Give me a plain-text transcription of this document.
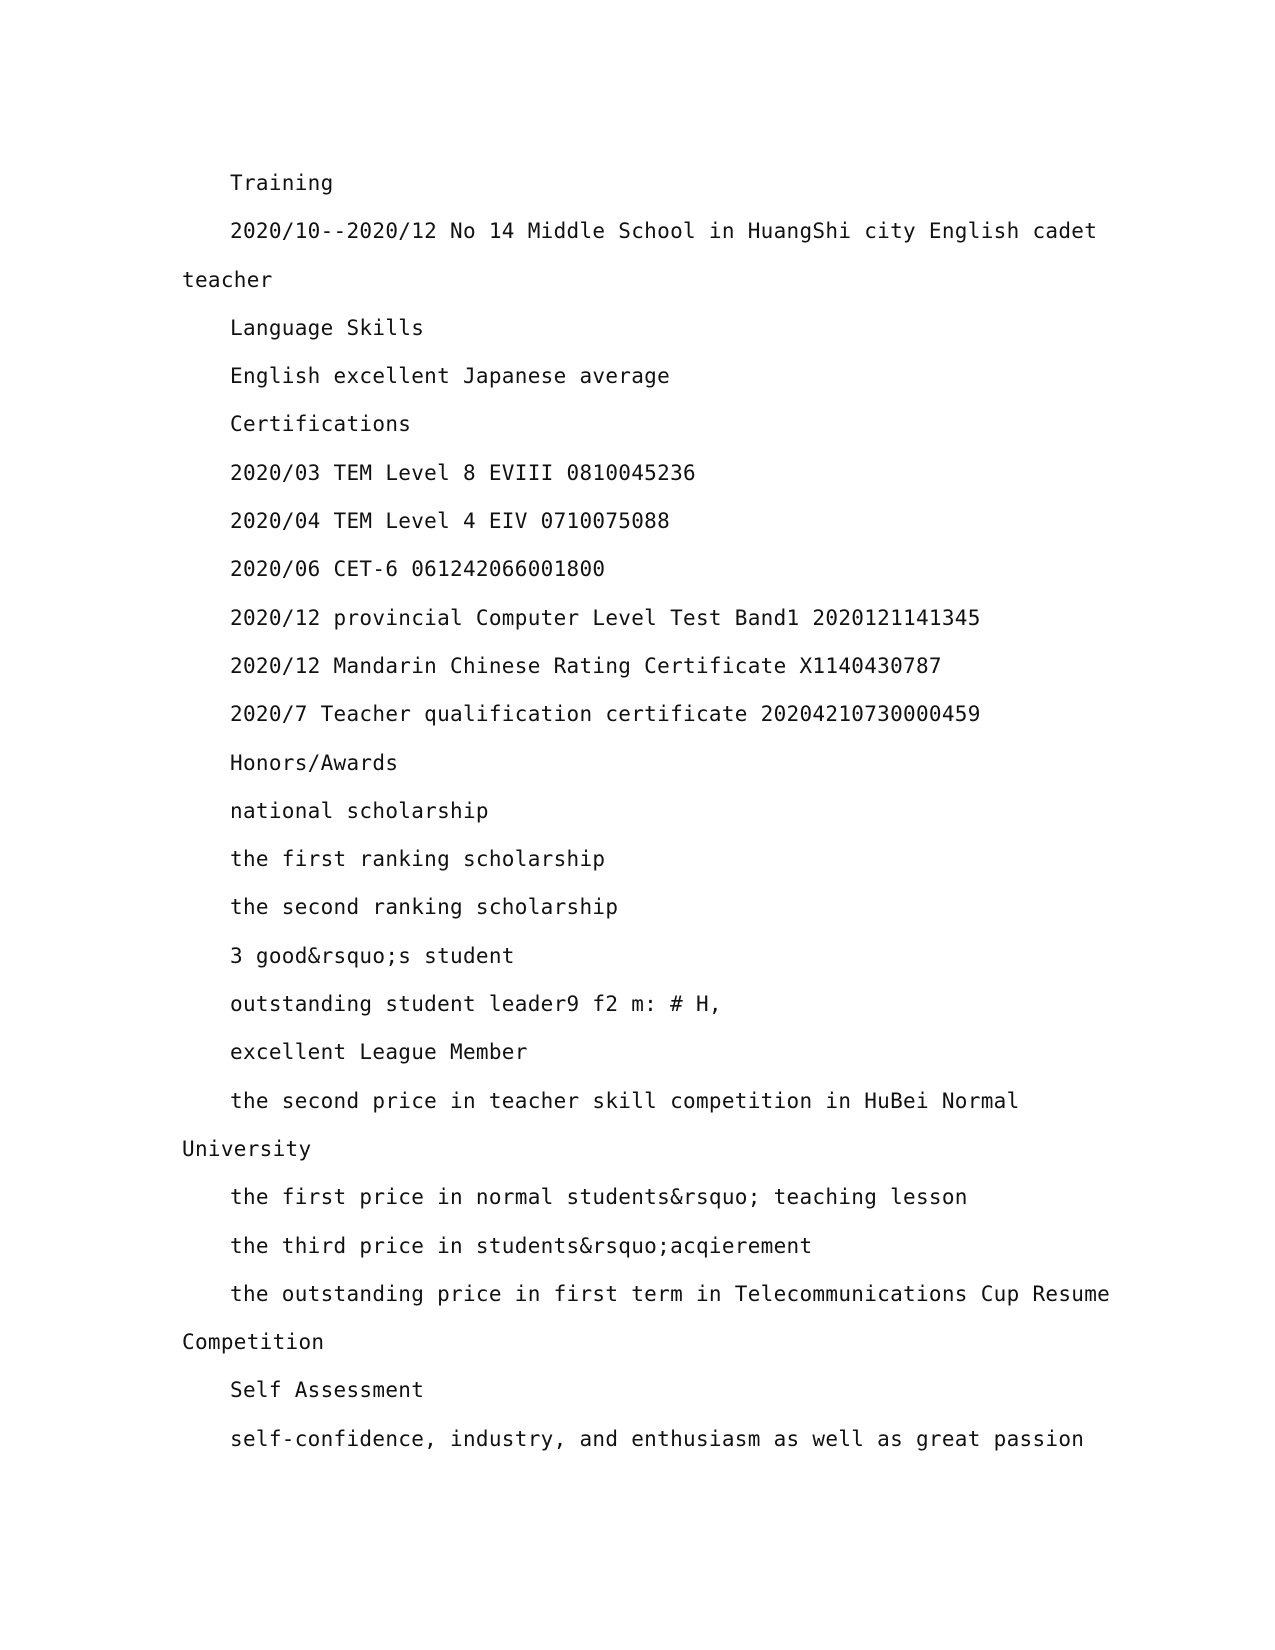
Training

2020/10--2020/12 No 14 Middle School in HuangShi city English cadet

teacher

Language Skills

English excellent Japanese average

Certifications

2020/03 TEM Level 8 EVIII 0810045236

2020/04 TEM Level 4 EIV 0710075088

2020/06 CET-6 061242066001800

2020/12 provincial Computer Level Test Band1 2020121141345

2020/12 Mandarin Chinese Rating Certificate X1140430787

2020/7 Teacher qualification certificate 20204210730000459

Honors/Awards

national scholarship

the first ranking scholarship

the second ranking scholarship

3 good&rsquo;s student

outstanding student leader9 f2 m: # H,

excellent League Member

the second price in teacher skill competition in HuBei Normal

University

the first price in normal students&rsquo; teaching lesson

the third price in students&rsquo;acqierement

the outstanding price in first term in Telecommunications Cup Resume

Competition

Self Assessment

self-confidence, industry, and enthusiasm as well as great passion
